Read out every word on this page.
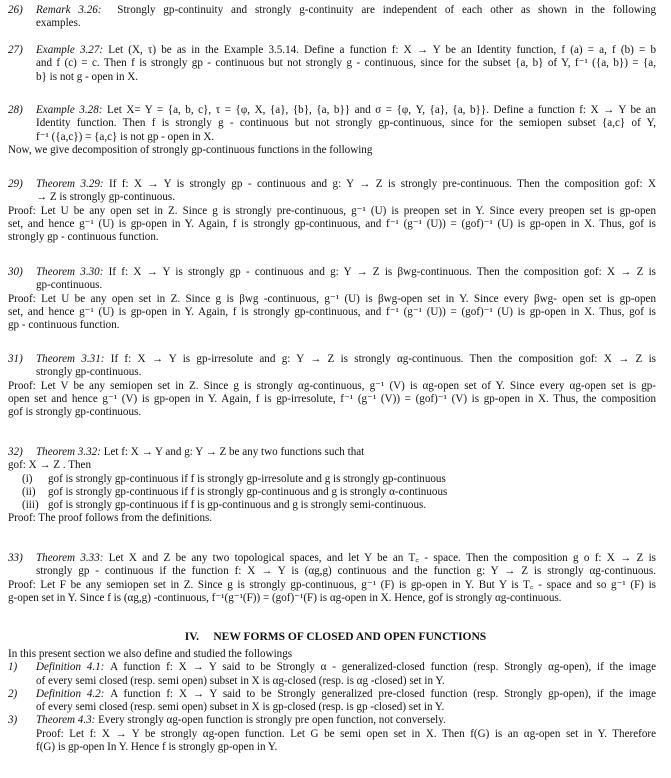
26) Remark 3.26: Strongly gp-continuity and strongly g-continuity are independent of each other as shown in the following
examples.
27) Example 3.27: Let (X, τ) be as in the Example 3.5.14. Define a function f: X → Y be an Identity function, f (a) = a, f (b) = b
and f (c) = c. Then f is strongly gp - continuous but not strongly g - continuous, since for the subset {a, b} of Y, f⁻¹ ({a, b}) = {a,
b} is not g - open in X.
28) Example 3.28: Let X= Y = {a, b, c}, τ = {φ, X, {a}, {b}, {a, b}} and σ = {φ, Y, {a}, {a, b}}. Define a function f: X → Y be an
Identity function. Then f is strongly g - continuous but not strongly gp-continuous, since for the semiopen subset {a,c} of Y,
f⁻¹ ({a,c}) = {a,c} is not gp - open in X.
Now, we give decomposition of strongly gp-continuous functions in the following
29) Theorem 3.29: If f: X → Y is strongly gp - continuous and g: Y → Z is strongly pre-continuous. Then the composition gof: X
→ Z is strongly gp-continuous.
Proof: Let U be any open set in Z. Since g is strongly pre-continuous, g⁻¹ (U) is preopen set in Y. Since every preopen set is gp-open
set, and hence g⁻¹ (U) is gp-open in Y. Again, f is strongly gp-continuous, and f⁻¹ (g⁻¹ (U)) = (gof)⁻¹ (U) is gp-open in X. Thus, gof is
strongly gp - continuous function.
30) Theorem 3.30: If f: X → Y is strongly gp - continuous and g: Y → Z is βwg-continuous. Then the composition gof: X → Z is
gp-continuous.
Proof: Let U be any open set in Z. Since g is βwg -continuous, g⁻¹ (U) is βwg-open set in Y. Since every βwg- open set is gp-open
set, and hence g⁻¹ (U) is gp-open in Y. Again, f is strongly gp-continuous, and f⁻¹ (g⁻¹ (U)) = (gof)⁻¹ (U) is gp-open in X. Thus, gof is
gp - continuous function.
31) Theorem 3.31: If f: X → Y is gp-irresolute and g: Y → Z is strongly αg-continuous. Then the composition gof: X → Z is
strongly gp-continuous.
Proof: Let V be any semiopen set in Z. Since g is strongly αg-continuous, g⁻¹ (V) is αg-open set of Y. Since every αg-open set is gp-
open set and hence g⁻¹ (V) is gp-open in Y. Again, f is gp-irresolute, f⁻¹ (g⁻¹ (V)) = (gof)⁻¹ (V) is gp-open in X. Thus, the composition
gof is strongly gp-continuous.
32) Theorem 3.32: Let f: X → Y and g: Y → Z be any two functions such that
gof: X → Z . Then
(i) gof is strongly gp-continuous if f is strongly gp-irresolute and g is strongly gp-continuous
(ii) gof is strongly gp-continuous if f is strongly gp-continuous and g is strongly α-continuous
(iii) gof is strongly gp-continuous if f is gp-continuous and g is strongly semi-continuous.
Proof: The proof follows from the definitions.
33) Theorem 3.33: Let X and Z be any two topological spaces, and let Y be an T꜀ - space. Then the composition g o f: X → Z is
strongly gp - continuous if the function f: X → Y is (αg,g) continuous and the function g: Y → Z is strongly αg-continuous.
Proof: Let F be any semiopen set in Z. Since g is strongly gp-continuous, g⁻¹ (F) is gp-open in Y. But Y is T꜀ - space and so g⁻¹ (F) is
g-open set in Y. Since f is (αg,g) -continuous, f⁻¹(g⁻¹(F)) = (gof)⁻¹(F) is αg-open in X. Hence, gof is strongly αg-continuous.
IV. NEW FORMS OF CLOSED AND OPEN FUNCTIONS
In this present section we also define and studied the followings
1) Definition 4.1: A function f: X → Y said to be Strongly α - generalized-closed function (resp. Strongly αg-open), if the image
of every semi closed (resp. semi open) subset in X is αg-closed (resp. is αg -closed) set in Y.
2) Definition 4.2: A function f: X → Y said to be Strongly generalized pre-closed function (resp. Strongly gp-open), if the image
of every semi closed (resp. semi open) subset in X is gp-closed (resp. is gp -closed) set in Y.
3) Theorem 4.3: Every strongly αg-open function is strongly pre open function, not conversely.
Proof: Let f: X → Y be strongly αg-open function. Let G be semi open set in X. Then f(G) is an αg-open set in Y. Therefore
f(G) is gp-open In Y. Hence f is strongly gp-open in Y.
